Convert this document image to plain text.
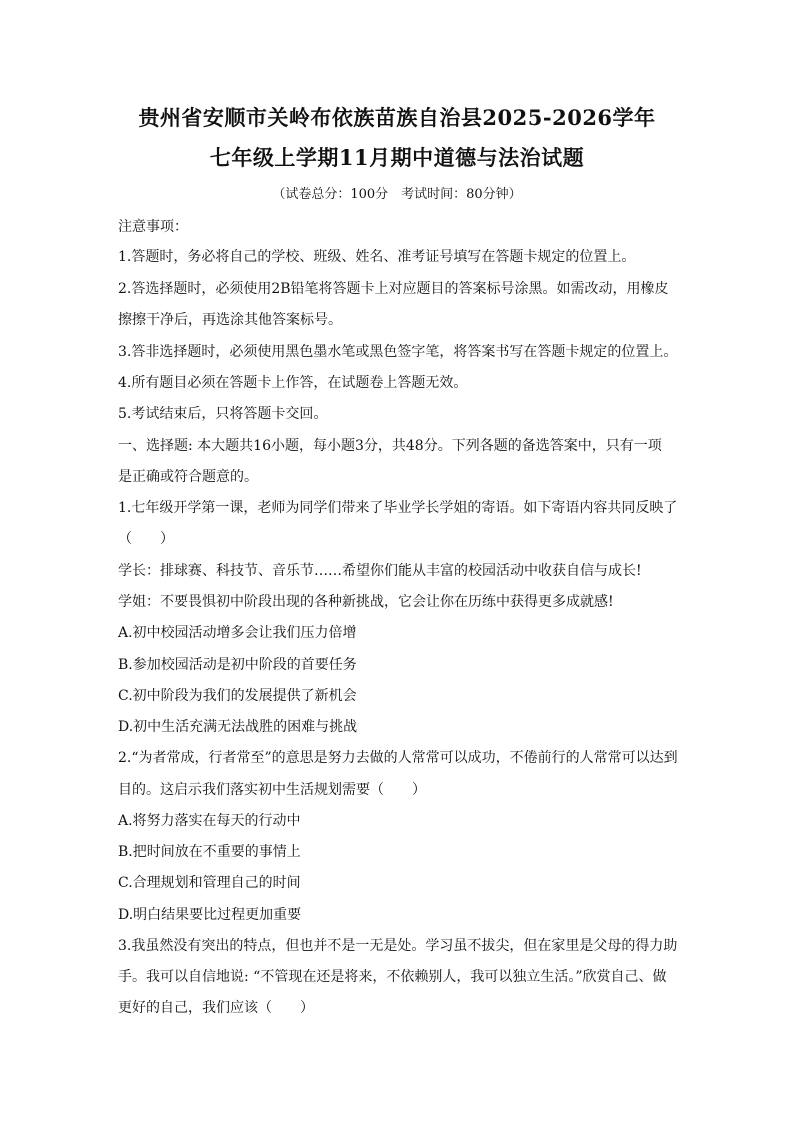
贵州省安顺市关岭布依族苗族自治县2025-2026学年
七年级上学期11月期中道德与法治试题
（试卷总分：100分　考试时间：80分钟）
注意事项：
1.答题时，务必将自己的学校、班级、姓名、准考证号填写在答题卡规定的位置上。
2.答选择题时，必须使用2B铅笔将答题卡上对应题目的答案标号涂黑。如需改动，用橡皮
擦擦干净后，再选涂其他答案标号。
3.答非选择题时，必须使用黑色墨水笔或黑色签字笔，将答案书写在答题卡规定的位置上。
4.所有题目必须在答题卡上作答，在试题卷上答题无效。
5.考试结束后，只将答题卡交回。
一、选择题: 本大题共16小题，每小题3分，共48分。下列各题的备选答案中，只有一项
是正确或符合题意的。
1.七年级开学第一课，老师为同学们带来了毕业学长学姐的寄语。如下寄语内容共同反映了
（　　）
学长：排球赛、科技节、音乐节……希望你们能从丰富的校园活动中收获自信与成长!
学姐：不要畏惧初中阶段出现的各种新挑战，它会让你在历练中获得更多成就感!
A.初中校园活动增多会让我们压力倍增
B.参加校园活动是初中阶段的首要任务
C.初中阶段为我们的发展提供了新机会
D.初中生活充满无法战胜的困难与挑战
2.“为者常成，行者常至”的意思是努力去做的人常常可以成功，不倦前行的人常常可以达到
目的。这启示我们落实初中生活规划需要（　　）
A.将努力落实在每天的行动中
B.把时间放在不重要的事情上
C.合理规划和管理自己的时间
D.明白结果要比过程更加重要
3.我虽然没有突出的特点，但也并不是一无是处。学习虽不拔尖，但在家里是父母的得力助
手。我可以自信地说: “不管现在还是将来，不依赖别人，我可以独立生活。”欣赏自己、做
更好的自己，我们应该（　　）
